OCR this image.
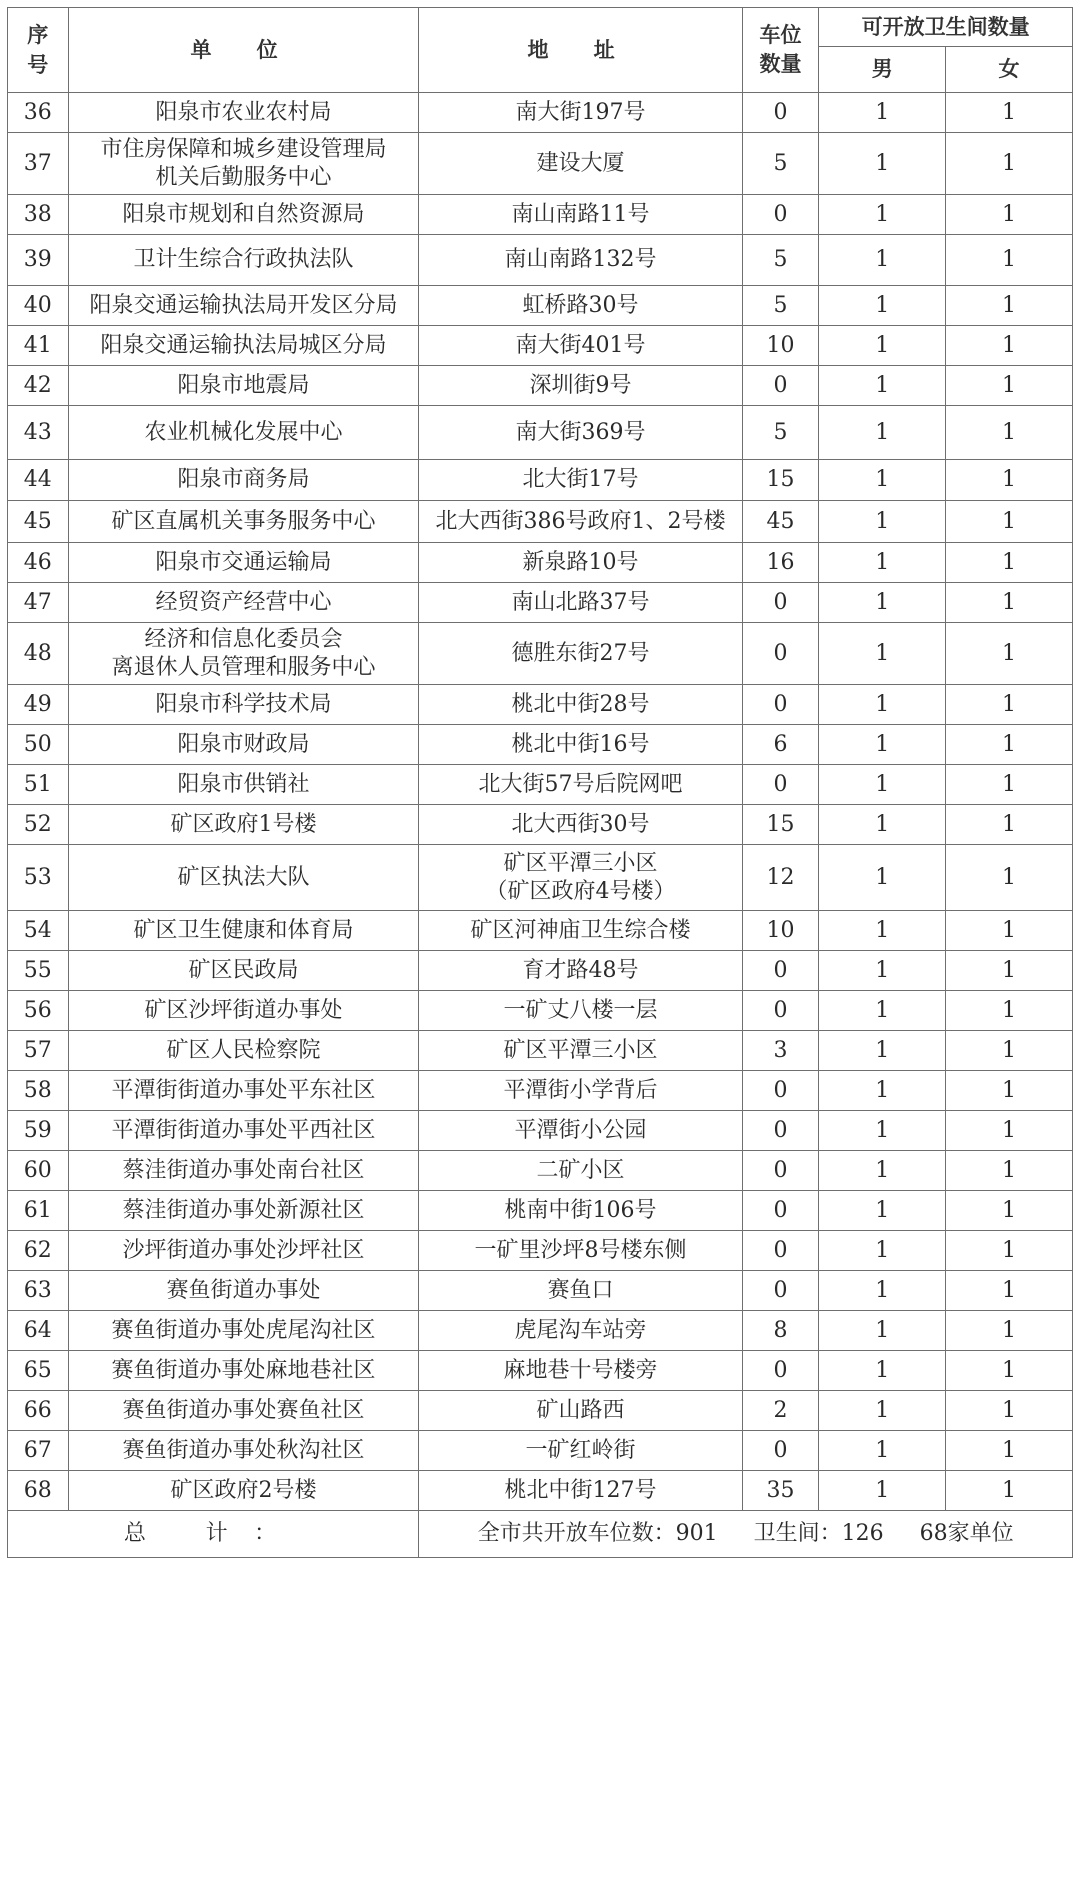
序号	单 位	地 址	车位数量	可开放卫生间数量	
				男	女
36	阳泉市农业农村局	南大街197号	0	1	1
37	市住房保障和城乡建设管理局
机关后勤服务中心	建设大厦	5	1	1
38	阳泉市规划和自然资源局	南山南路11号	0	1	1
39	卫计生综合行政执法队	南山南路132号	5	1	1
40	阳泉交通运输执法局开发区分局	虹桥路30号	5	1	1
41	阳泉交通运输执法局城区分局	南大街401号	10	1	1
42	阳泉市地震局	深圳街9号	0	1	1
43	农业机械化发展中心	南大街369号	5	1	1
44	阳泉市商务局	北大街17号	15	1	1
45	矿区直属机关事务服务中心	北大西街386号政府1、2号楼	45	1	1
46	阳泉市交通运输局	新泉路10号	16	1	1
47	经贸资产经营中心	南山北路37号	0	1	1
48	经济和信息化委员会
离退休人员管理和服务中心	德胜东街27号	0	1	1
49	阳泉市科学技术局	桃北中街28号	0	1	1
50	阳泉市财政局	桃北中街16号	6	1	1
51	阳泉市供销社	北大街57号后院网吧	0	1	1
52	矿区政府1号楼	北大西街30号	15	1	1
53	矿区执法大队	矿区平潭三小区
（矿区政府4号楼）	12	1	1
54	矿区卫生健康和体育局	矿区河神庙卫生综合楼	10	1	1
55	矿区民政局	育才路48号	0	1	1
56	矿区沙坪街道办事处	一矿丈八楼一层	0	1	1
57	矿区人民检察院	矿区平潭三小区	3	1	1
58	平潭街街道办事处平东社区	平潭街小学背后	0	1	1
59	平潭街街道办事处平西社区	平潭街小公园	0	1	1
60	蔡洼街道办事处南台社区	二矿小区	0	1	1
61	蔡洼街道办事处新源社区	桃南中街106号	0	1	1
62	沙坪街道办事处沙坪社区	一矿里沙坪8号楼东侧	0	1	1
63	赛鱼街道办事处	赛鱼口	0	1	1
64	赛鱼街道办事处虎尾沟社区	虎尾沟车站旁	8	1	1
65	赛鱼街道办事处麻地巷社区	麻地巷十号楼旁	0	1	1
66	赛鱼街道办事处赛鱼社区	矿山路西	2	1	1
67	赛鱼街道办事处秋沟社区	一矿红岭街	0	1	1
68	矿区政府2号楼	桃北中街127号	35	1	1
总 计：		全市共开放车位数：901 卫生间：126 68家单位			
